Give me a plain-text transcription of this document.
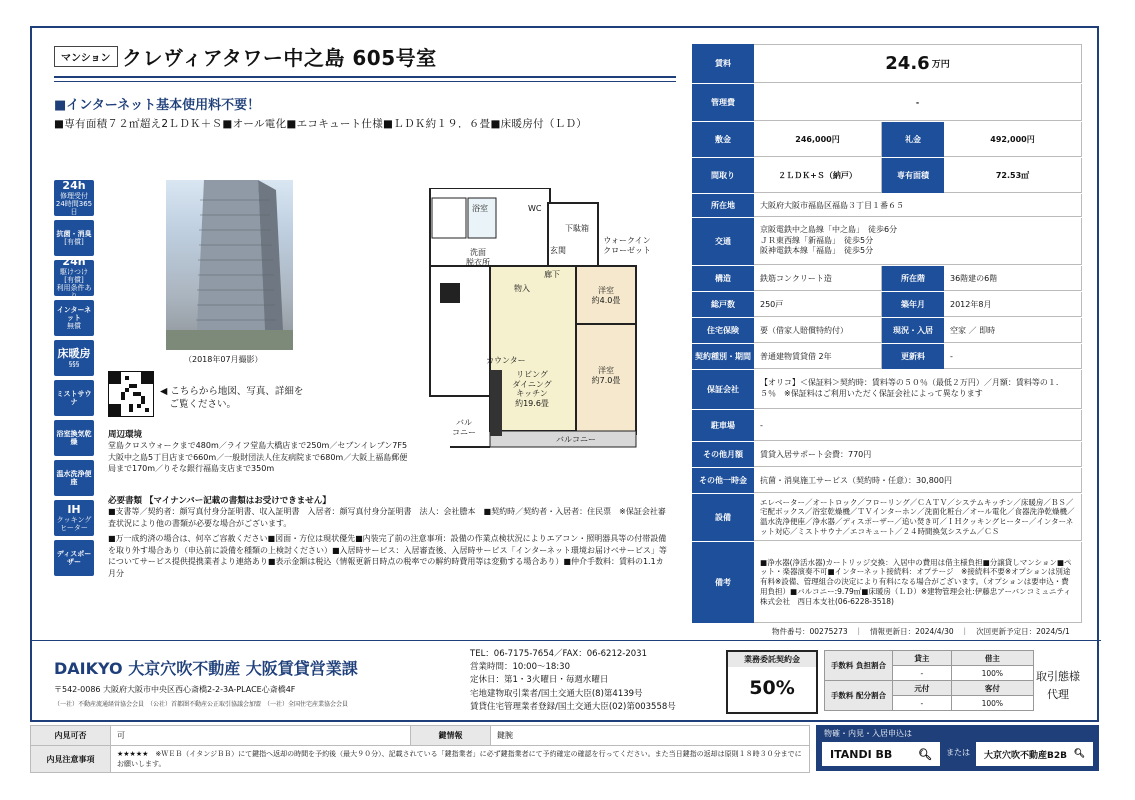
マンション クレヴィアタワー中之島 605号室
■インターネット基本使用料不要！
■専有面積７２㎡超え2ＬＤＫ＋Ｓ■オール電化■エコキュート仕様■ＬＤＫ約１９．６畳■床暖房付（ＬＤ）
24h
修理受付
24時間365日
抗菌・消臭
[有償]
24h
駆けつけ
[有償]
利用条件あり
インターネット
無償
床暖房
§§§
ミストサウナ
浴室換気乾燥
温水洗浄便座
IH
クッキングヒーター
ディスポーザー
（2018年07月撮影）
洗面
脱衣所
浴室	WC
玄関
ウォークイン
クローゼット
洋室
約4.0畳
洋室
約7.0畳
リビング
ダイニング
キッチン
約19.6畳
バルコニー
バル
コニー
カウンター
物入
廊下
下駄箱
◀ こちらから地図、写真、詳細を
　ご覧ください。
周辺環境
堂島クロスウォークまで480m／ライフ堂島大橋店まで250m／セブンイレブン7F5大阪中之島5丁目店まで660m／一般財団法人住友病院まで680m／大阪上福島郵便局まで170m／りそな銀行福島支店まで350m
必要書類 【マイナンバー記載の書類はお受けできません】
■支書等／契約者：顔写真付身分証明書、収入証明書　入居者：顔写真付身分証明書　法人：会社謄本　■契約時／契約者・入居者：住民票　※保証会社審査状況により他の書類が必要な場合がございます。
■万一成約済の場合は、何卒ご容赦ください■図面・方位は現状優先■内装完了前の注意事項：設備の作業点検状況によりエアコン・照明器具等の付帯設備を取り外す場合あり（申込前に設備を種類の上検討ください）■入居時サービス：入居審査後、入居時サービス「インターネット環境お届けベサービス」等についてサービス提供提携業者より連絡あり■表示金額は税込（情報更新日時点の税率での解約時費用等は変動する場合あり）■仲介手数料：賃料の1.1カ月分
賃料	24.6 万円
管理費	-
敷金	246,000円	礼金	492,000円
間取り	２ＬＤＫ+Ｓ（納戸）	専有面積	72.53㎡
所在地	大阪府大阪市福島区福島３丁目１番６５
交通
京阪電鉄中之島線「中之島」　徒歩6分
ＪＲ東西線「新福島」　徒歩5分
阪神電鉄本線「福島」　徒歩5分
構造	鉄筋コンクリート造	所在階	36階建の6階
総戸数	250戸	築年月	2012年8月
住宅保険	要（借家人賠償特約付）	現況・入居	空家 ／ 即時
契約種別・期間	普通建物賃貸借 2年	更新料	-
保証会社
【オリコ】＜保証料＞契約時：賃料等の５０％（最低２万円）／月額：賃料等の１．５％　※保証料はご利用いただく保証会社によって異なります
駐車場	-
その他月額	賃貸入居サポート会費：770円
その他一時金	抗菌・消臭施工サービス（契約時・任意）：30,800円
設備
エレベーター／オートロック／フローリング／ＣＡＴＶ／システムキッチン／床暖房／ＢＳ／宅配ボックス／浴室乾燥機／ＴＶインターホン／洗面化粧台／オール電化／食器洗浄乾燥機／温水洗浄便座／浄水器／ディスポーザー／追い焚き可／ＩＨクッキングヒーター／インターネット対応／ミストサウナ／エコキュート／２４時間換気システム／ＣＳ
備考
■浄水器(浄活水器)カートリッジ交換：入居中の費用は借主様負担■分譲貸しマンション■ペット・楽器演奏不可■インターネット接続料：オプテージ　※接続料不要※オプションは別途有料※設備、管理組合の決定により有料になる場合がございます。（オプションは要申込・費用負担）■バルコニー:9.79㎡■床暖房（ＬＤ）※建物管理会社:伊藤忠アーバンコミュニティ株式会社　西日本支社(06-6228-3518)
物件番号：00275273　｜　情報更新日：2024/4/30　｜　次回更新予定日：2024/5/1
DAIKYO 大京穴吹不動産 大阪賃貸営業課
〒542-0086 大阪府大阪市中央区西心斎橋2-2-3A-PLACE心斎橋4F
（一社）不動産流通経営協会会員　（公社）首都圏不動産公正取引協議会加盟　（一社）全国住宅産業協会会員
TEL：06-7175-7654／FAX：06-6212-2031
営業時間：10:00～18:30
定休日：第1・3火曜日・毎週水曜日
宅地建物取引業者/国土交通大臣(8)第4139号
賃貸住宅管理業者登録/国土交通大臣(02)第003558号
業務委託契約金
50%
手数料 負担割合	貸主	借主
	-	100%
手数料 配分割合	元付	客付
	-	100%
取引態様
代理
内見可否	可	鍵情報	鍵腕
内見注意事項	★★★★★　※ＷＥＢ（イタンジＢＢ）にて鍵指へ返却の時間を予約後（最大９０分）、記載されている「鍵指業者」に必ず鍵指業者にて予約確定の確認を行ってください。また当日鍵指の返却は原則１８時３０分までにお願いします。		
物確・内見・入居申込は
ITANDI BB 🔍︎ または 大京穴吹不動産B2B 🔍︎
